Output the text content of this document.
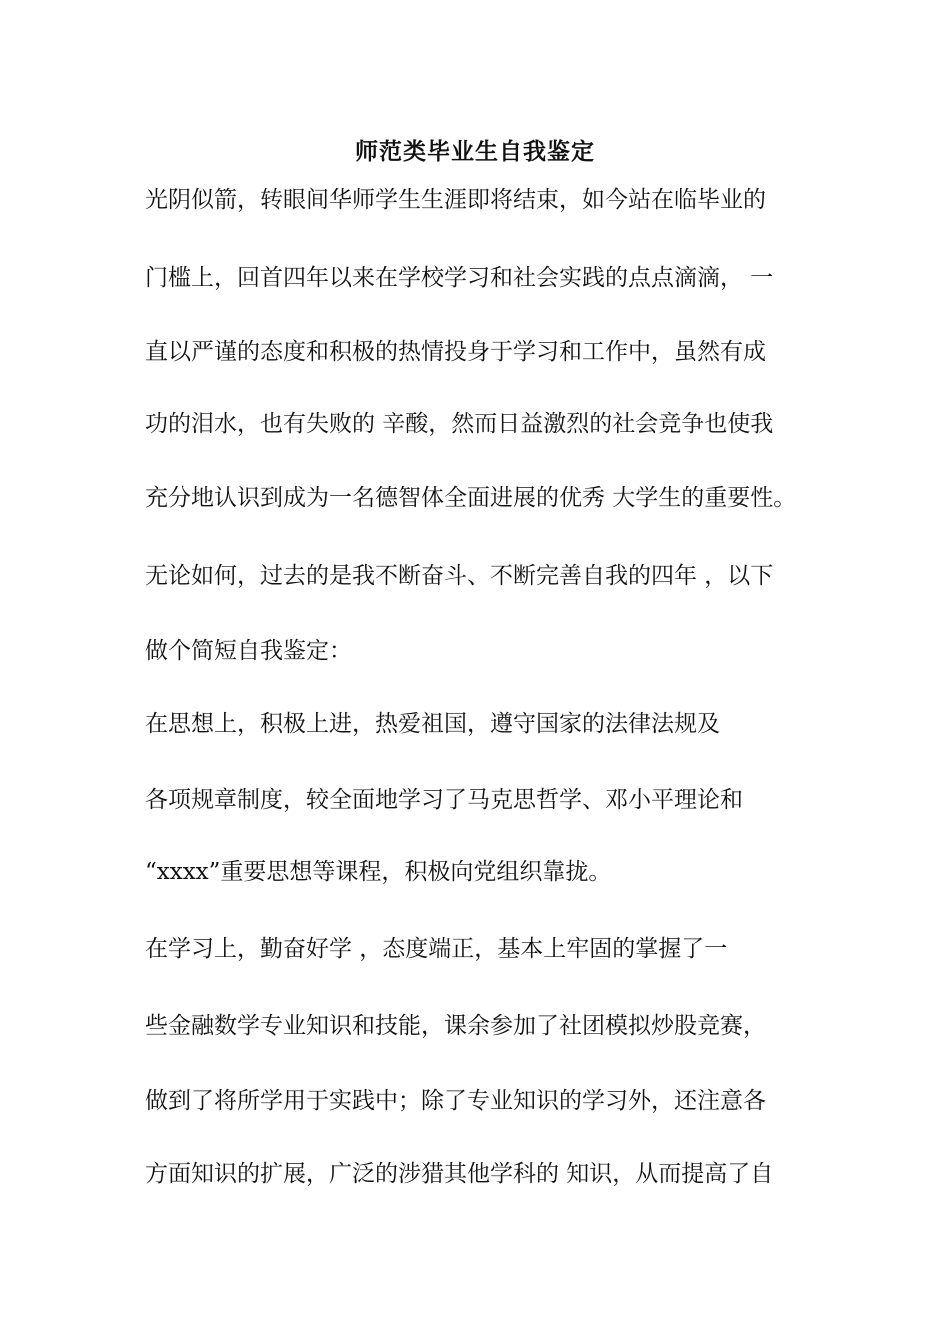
师范类毕业生自我鉴定

光阴似箭，转眼间华师学生生涯即将结束，如今站在临毕业的

门槛上，回首四年以来在学校学习和社会实践的点点滴滴， 一

直以严谨的态度和积极的热情投身于学习和工作中，虽然有成

功的泪水，也有失败的 辛酸，然而日益激烈的社会竞争也使我

充分地认识到成为一名德智体全面进展的优秀 大学生的重要性。

无论如何，过去的是我不断奋斗、不断完善自我的四年 ，以下

做个简短自我鉴定：

在思想上，积极上进，热爱祖国，遵守国家的法律法规及

各项规章制度，较全面地学习了马克思哲学、邓小平理论和

“xxxx”重要思想等课程，积极向党组织靠拢。

在学习上，勤奋好学 ，态度端正，基本上牢固的掌握了一

些金融数学专业知识和技能，课余参加了社团模拟炒股竞赛，

做到了将所学用于实践中；除了专业知识的学习外，还注意各

方面知识的扩展，广泛的涉猎其他学科的 知识，从而提高了自
